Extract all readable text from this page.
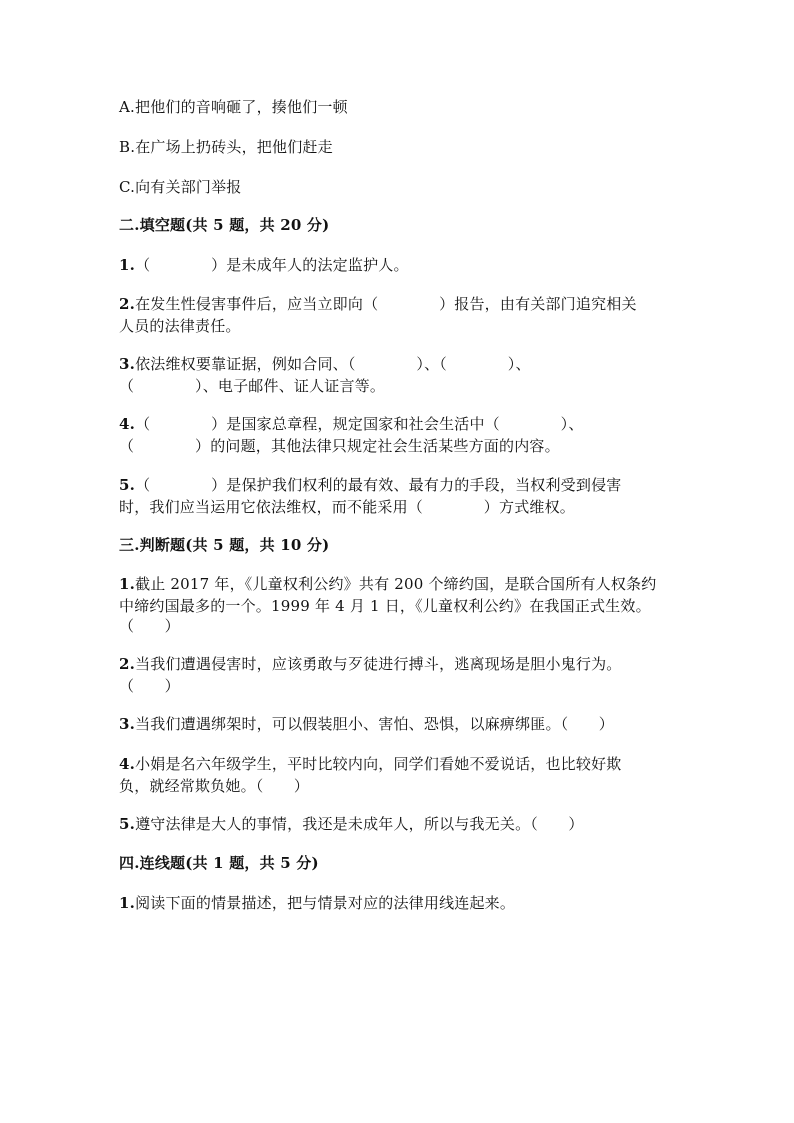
A.把他们的音响砸了，揍他们一顿
B.在广场上扔砖头，把他们赶走
C.向有关部门举报
二.填空题(共 5 题，共 20 分)
1.（　　　　）是未成年人的法定监护人。
2.在发生性侵害事件后，应当立即向（　　　　）报告，由有关部门追究相关
人员的法律责任。
3.依法维权要靠证据，例如合同、（　　　　）、（　　　　）、
（　　　　）、电子邮件、证人证言等。
4.（　　　　）是国家总章程，规定国家和社会生活中（　　　　）、
（　　　　）的问题，其他法律只规定社会生活某些方面的内容。
5.（　　　　）是保护我们权利的最有效、最有力的手段，当权利受到侵害
时，我们应当运用它依法维权，而不能采用（　　　　）方式维权。
三.判断题(共 5 题，共 10 分)
1.截止 2017 年，《儿童权利公约》共有 200 个缔约国，是联合国所有人权条约
中缔约国最多的一个。1999 年 4 月 1 日，《儿童权利公约》在我国正式生效。
（　　）
2.当我们遭遇侵害时，应该勇敢与歹徒进行搏斗，逃离现场是胆小鬼行为。
（　　）
3.当我们遭遇绑架时，可以假装胆小、害怕、恐惧，以麻痹绑匪。（　　）
4.小娟是名六年级学生，平时比较内向，同学们看她不爱说话，也比较好欺
负，就经常欺负她。（　　）
5.遵守法律是大人的事情，我还是未成年人，所以与我无关。（　　）
四.连线题(共 1 题，共 5 分)
1.阅读下面的情景描述，把与情景对应的法律用线连起来。
